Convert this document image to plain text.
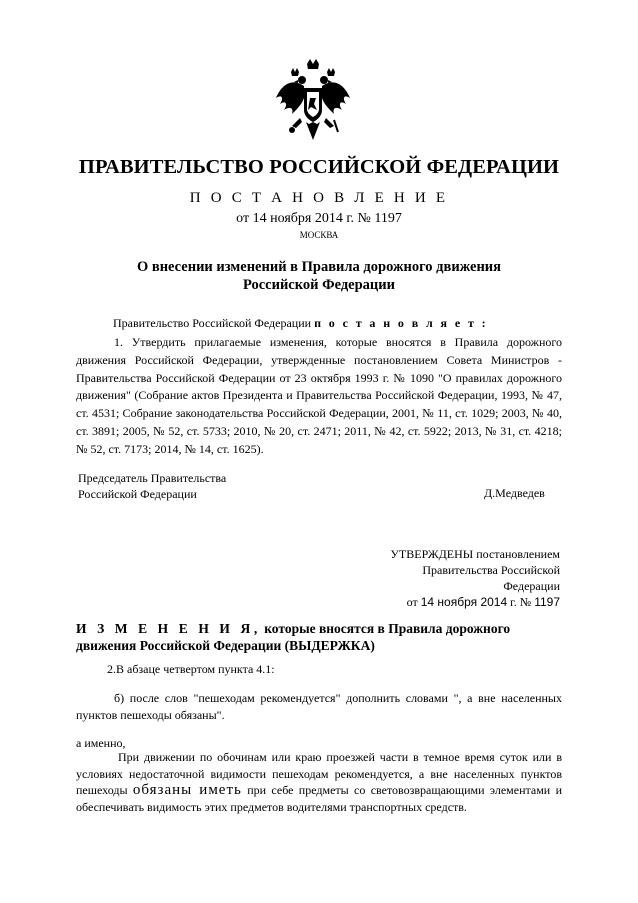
ПРАВИТЕЛЬСТВО РОССИЙСКОЙ ФЕДЕРАЦИИ
П О С Т А Н О В Л Е Н И Е
от 14 ноября 2014 г. № 1197
МОСКВА
О внесении изменений в Правила дорожного движения
Российской Федерации
Правительство Российской Федерации п о с т а н о в л я е т :
1. Утвердить прилагаемые изменения, которые вносятся в Правила дорожного движения Российской Федерации, утвержденные постановлением Совета Министров - Правительства Российской Федерации от 23 октября 1993 г. № 1090 "О правилах дорожного движения" (Собрание актов Президента и Правительства Российской Федерации, 1993, № 47, ст. 4531; Собрание законодательства Российской Федерации, 2001, № 11, ст. 1029; 2003, № 40, ст. 3891; 2005, № 52, ст. 5733; 2010, № 20, ст. 2471; 2011, № 42, ст. 5922; 2013, № 31, ст. 4218; № 52, ст. 7173; 2014, № 14, ст. 1625).
Председатель Правительства
Российской Федерации	Д.Медведев
УТВЕРЖДЕНЫ постановлением
Правительства Российской
Федерации
от 14 ноября 2014 г. № 1197
И З М Е Н Е Н И Я, которые вносятся в Правила дорожного движения Российской Федерации (ВЫДЕРЖКА)
2.В абзаце четвертом пункта 4.1:
б) после слов "пешеходам рекомендуется" дополнить словами ", а вне населенных пунктов пешеходы обязаны".
а именно,
При движении по обочинам или краю проезжей части в темное время суток или в условиях недостаточной видимости пешеходам рекомендуется, а вне населенных пунктов пешеходы обязаны иметь при себе предметы со световозвращающими элементами и обеспечивать видимость этих предметов водителями транспортных средств.
